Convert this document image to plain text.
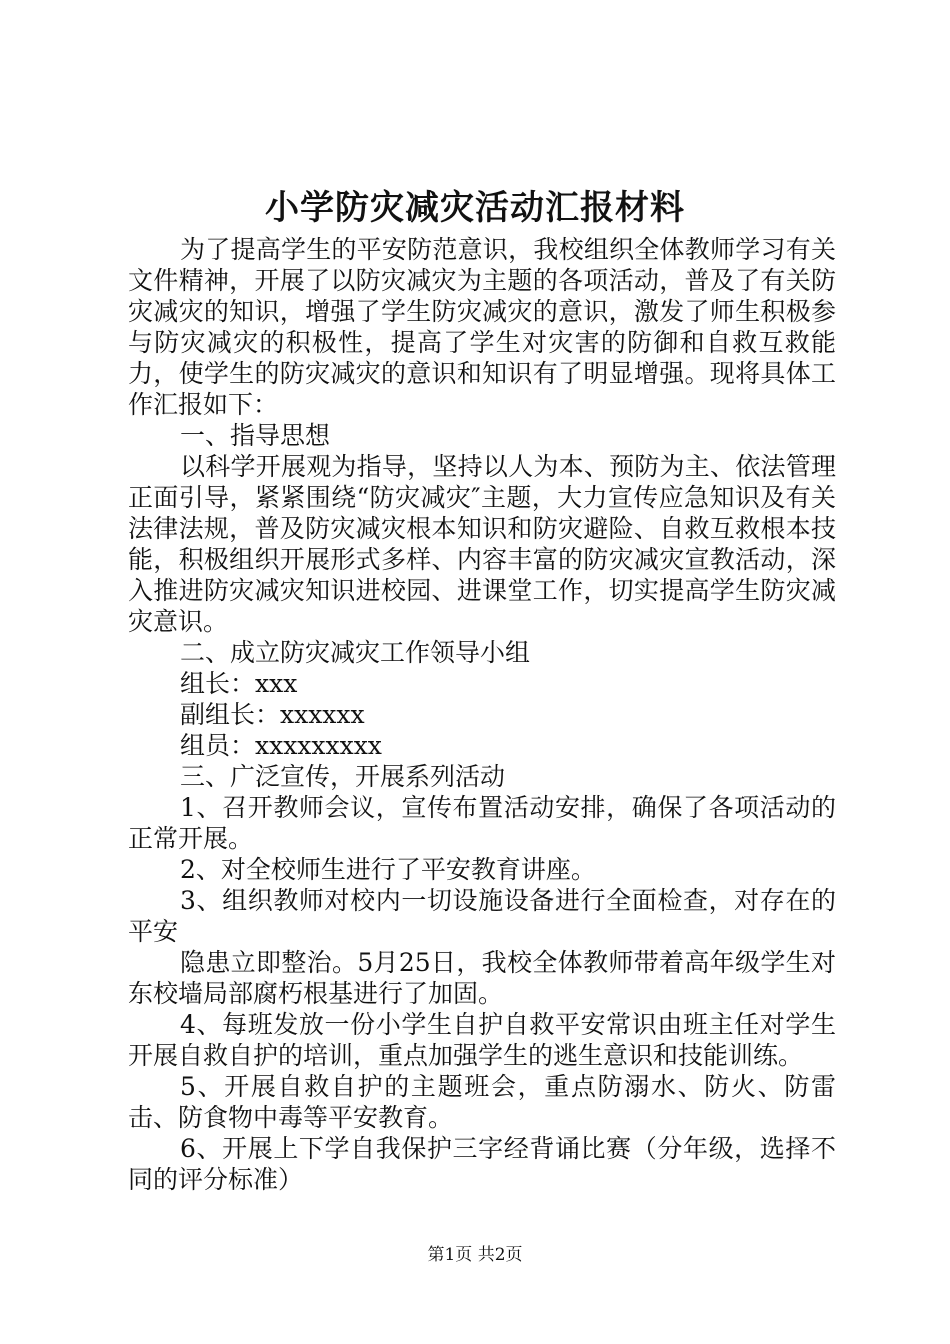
小学防灾减灾活动汇报材料

为了提高学生的平安防范意识，我校组织全体教师学习有关文件精神，开展了以防灾减灾为主题的各项活动，普及了有关防灾减灾的知识，增强了学生防灾减灾的意识，激发了师生积极参与防灾减灾的积极性，提高了学生对灾害的防御和自救互救能力，使学生的防灾减灾的意识和知识有了明显增强。现将具体工作汇报如下：

一、指导思想

以科学开展观为指导，坚持以人为本、预防为主、依法管理正面引导，紧紧围绕“防灾减灾″主题，大力宣传应急知识及有关法律法规，普及防灾减灾根本知识和防灾避险、自救互救根本技能，积极组织开展形式多样、内容丰富的防灾减灾宣教活动，深入推进防灾减灾知识进校园、进课堂工作，切实提高学生防灾减灾意识。

二、成立防灾减灾工作领导小组

组长：xxx

副组长：xxxxxx

组员：xxxxxxxxx

三、广泛宣传，开展系列活动

1、召开教师会议，宣传布置活动安排，确保了各项活动的正常开展。

2、对全校师生进行了平安教育讲座。

3、组织教师对校内一切设施设备进行全面检查，对存在的平安

隐患立即整治。5月25日，我校全体教师带着高年级学生对东校墙局部腐朽根基进行了加固。

4、每班发放一份小学生自护自救平安常识由班主任对学生开展自救自护的培训，重点加强学生的逃生意识和技能训练。

5、开展自救自护的主题班会，重点防溺水、防火、防雷击、防食物中毒等平安教育。

6、开展上下学自我保护三字经背诵比赛（分年级，选择不同的评分标准）

第1页 共2页
